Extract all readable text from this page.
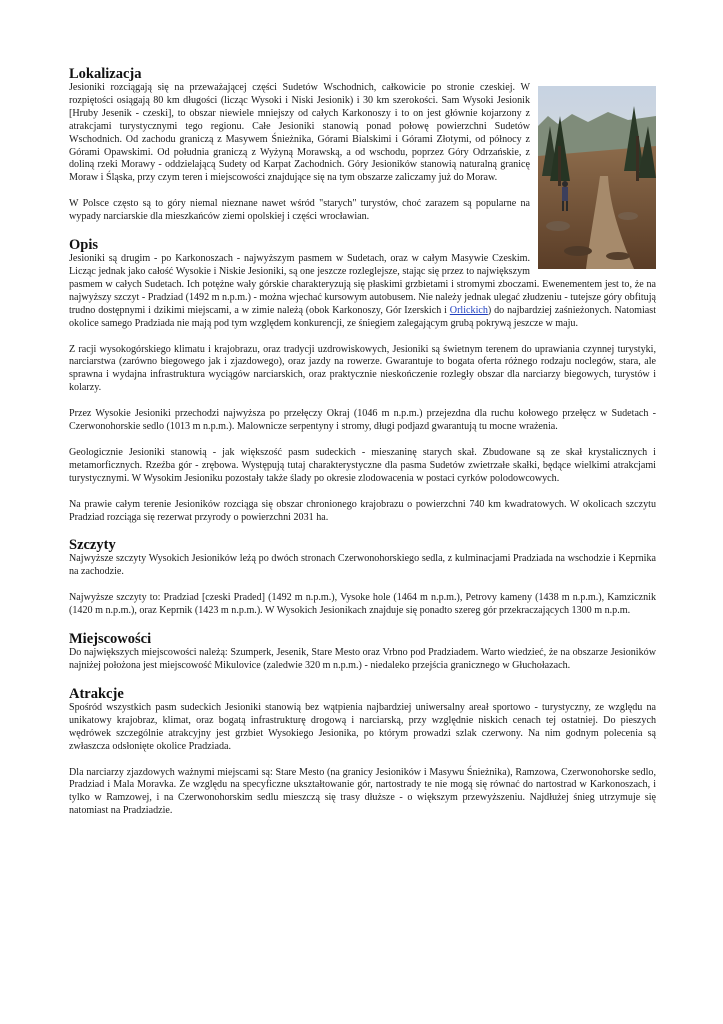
Lokalizacja

Jesioniki rozciągają się na przeważającej części Sudetów Wschodnich, całkowicie po stronie czeskiej. W rozpiętości osiągają 80 km długości (licząc Wysoki i Niski Jesionik) i 30 km szerokości. Sam Wysoki Jesionik [Hruby Jesenik - czeski], to obszar niewiele mniejszy od całych Karkonoszy i to on jest głównie kojarzony z atrakcjami turystycznymi tego regionu. Całe Jesioniki stanowią ponad połowę powierzchni Sudetów Wschodnich. Od zachodu graniczą z Masywem Śnieżnika, Górami Bialskimi i Górami Złotymi, od północy z Górami Opawskimi. Od południa graniczą z Wyżyną Morawską, a od wschodu, poprzez Góry Odrzańskie, z doliną rzeki Morawy - oddzielającą Sudety od Karpat Zachodnich. Góry Jesioników stanowią naturalną granicę Moraw i Śląska, przy czym teren i miejscowości znajdujące się na tym obszarze zaliczamy już do Moraw.

W Polsce często są to góry niemal nieznane nawet wśród "starych" turystów, choć zarazem są popularne na wypady narciarskie dla mieszkańców ziemi opolskiej i części wrocławian.

Opis

Jesioniki są drugim - po Karkonoszach - najwyższym pasmem w Sudetach, oraz w całym Masywie Czeskim. Licząc jednak jako całość Wysokie i Niskie Jesioniki, są one jeszcze rozleglejsze, stając się przez to największym pasmem w całych Sudetach. Ich potężne wały górskie charakteryzują się płaskimi grzbietami i stromymi zboczami. Ewenementem jest to, że na najwyższy szczyt - Pradziad (1492 m n.p.m.) - można wjechać kursowym autobusem. Nie należy jednak ulegać złudzeniu - tutejsze góry obfitują trudno dostępnymi i dzikimi miejscami, a w zimie należą (obok Karkonoszy, Gór Izerskich i Orlickich) do najbardziej zaśnieżonych. Natomiast okolice samego Pradziada nie mają pod tym względem konkurencji, ze śniegiem zalegającym grubą pokrywą jeszcze w maju.

Z racji wysokogórskiego klimatu i krajobrazu, oraz tradycji uzdrowiskowych, Jesioniki są świetnym terenem do uprawiania czynnej turystyki, narciarstwa (zarówno biegowego jak i zjazdowego), oraz jazdy na rowerze. Gwarantuje to bogata oferta różnego rodzaju noclegów, stara, ale sprawna i wydajna infrastruktura wyciągów narciarskich, oraz praktycznie nieskończenie rozległy obszar dla narciarzy biegowych, turystów i kolarzy.

Przez Wysokie Jesioniki przechodzi najwyższa po przełęczy Okraj (1046 m n.p.m.) przejezdna dla ruchu kołowego przełęcz w Sudetach - Czerwonohorskie sedlo (1013 m n.p.m.). Malownicze serpentyny i stromy, długi podjazd gwarantują tu mocne wrażenia.

Geologicznie Jesioniki stanowią - jak większość pasm sudeckich - mieszaninę starych skał. Zbudowane są ze skał krystalicznych i metamorficznych. Rzeźba gór - zrębowa. Występują tutaj charakterystyczne dla pasma Sudetów zwietrzałe skałki, będące wielkimi atrakcjami turystycznymi. W Wysokim Jesioniku pozostały także ślady po okresie zlodowacenia w postaci cyrków polodowcowych.

Na prawie całym terenie Jesioników rozciąga się obszar chronionego krajobrazu o powierzchni 740 km kwadratowych. W okolicach szczytu Pradziad rozciąga się rezerwat przyrody o powierzchni 2031 ha.

Szczyty

Najwyższe szczyty Wysokich Jesioników leżą po dwóch stronach Czerwonohorskiego sedla, z kulminacjami Pradziada na wschodzie i Keprnika na zachodzie.

Najwyższe szczyty to: Pradziad [czeski Praded] (1492 m n.p.m.), Vysoke hole (1464 m n.p.m.), Petrovy kameny (1438 m n.p.m.), Kamzicznik (1420 m n.p.m.), oraz Keprnik (1423 m n.p.m.). W Wysokich Jesionikach znajduje się ponadto szereg gór przekraczających 1300 m n.p.m.

Miejscowości

Do największych miejscowości należą: Szumperk, Jesenik, Stare Mesto oraz Vrbno pod Pradziadem. Warto wiedzieć, że na obszarze Jesioników najniżej położona jest miejscowość Mikulovice (zaledwie 320 m n.p.m.) - niedaleko przejścia granicznego w Głuchołazach.

Atrakcje

Spośród wszystkich pasm sudeckich Jesioniki stanowią bez wątpienia najbardziej uniwersalny areał sportowo - turystyczny, ze względu na unikatowy krajobraz, klimat, oraz bogatą infrastrukturę drogową i narciarską, przy względnie niskich cenach tej ostatniej. Do pieszych wędrówek szczególnie atrakcyjny jest grzbiet Wysokiego Jesionika, po którym prowadzi szlak czerwony. Na nim godnym polecenia są zwłaszcza odsłonięte okolice Pradziada.

Dla narciarzy zjazdowych ważnymi miejscami są: Stare Mesto (na granicy Jesioników i Masywu Śnieżnika), Ramzowa, Czerwonohorske sedlo, Pradziad i Mala Moravka. Ze względu na specyficzne ukształtowanie gór, nartostrady te nie mogą się równać do nartostrad w Karkonoszach, i tylko w Ramzowej, i na Czerwonohorskim sedlu mieszczą się trasy dłuższe - o większym przewyższeniu. Najdłużej śnieg utrzymuje się natomiast na Pradziadzie.
